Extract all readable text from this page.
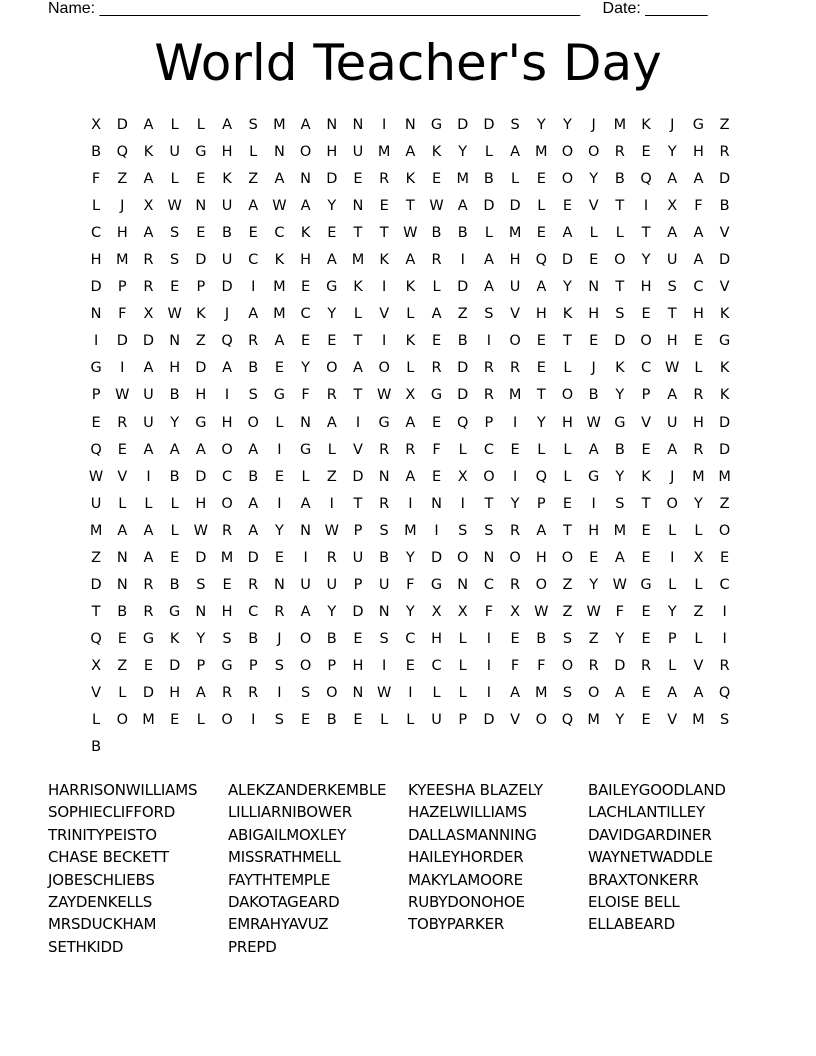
Name: ______________________________________________________ Date: _______
World Teacher's Day
X	D	A	L	L	A	S	M	A	N	N	I	N	G	D	D	S	Y	Y	J	M	K	J	G	Z
B	Q	K	U	G	H	L	N	O	H	U	M	A	K	Y	L	A	M O	O	R	E	Y	H	R
F	Z	A	L	E	K	Z	A	N	D	E	R	K	E	M	B	L	E	O	Y	B	Q	A	A	D
L	J	X W N	U	A W A	Y	N	E	T	W A	D	D	L	E	V	T	I	X	F	B
C	H	A	S	E	B	E	C	K	E	T	T	W B	B	L	M	E	A	L	L	T	A	A	V
H M	R	S	D	U	C	K	H	A	M	K	A	R	I	A	H	Q	D	E	O	Y	U	A	D
D	P	R	E	P	D	I	M	E	G	K	I	K	L	D	A	U	A	Y	N	T	H	S	C	V
N	F	X W K	J	A	M	C	Y	L	V	L	A	Z	S	V	H	K	H	S	E	T	H	K
I	D	D	N	Z	Q	R	A	E	E	T	I	K	E	B	I	O	E	T	E	D	O	H	E	G
G	I	A	H	D	A	B	E	Y	O	A	O	L	R	D	R	R	E	L	J	K	C W	L	K
P	W U	B	H	I	S	G	F	R	T	W X	G	D	R	M	T	O	B	Y	P	A	R	K
E	R	U	Y	G	H	O	L	N	A	I	G	A	E	Q	P	I	Y	H W G	V	U	H	D
Q	E	A	A	A	O	A	I	G	L	V	R	R	F	L	C	E	L	L	A	B	E	A	R	D
W V	I	B	D	C	B	E	L	Z	D	N	A	E	X	O	I	Q	L	G	Y	K	J	M M
U	L	L	L	H	O	A	I	A	I	T	R	I	N	I	T	Y	P	E	I	S	T	O	Y	Z
M	A	A	L	W R	A	Y	N W	P	S	M	I	S	S	R	A	T	H M	E	L	L	O
Z	N	A	E	D M D	E	I	R	U	B	Y	D	O	N	O	H	O	E	A	E	I	X	E
D	N	R	B	S	E	R	N	U	U	P	U	F	G	N	C	R	O	Z	Y	W G	L	L	C
T	B	R	G	N	H	C	R	A	Y	D	N	Y	X	X	F	X W Z W	F	E	Y	Z	I
Q	E	G	K	Y	S	B	J	O	B	E	S	C	H	L	I	E	B	S	Z	Y	E	P	L	I
X	Z	E	D	P	G	P	S	O	P	H	I	E	C	L	I	F	F	O	R	D	R	L	V	R
V	L	D	H	A	R	R	I	S	O	N W	I	L	L	I	A	M	S	O	A	E	A	A	Q
L	O M	E	L	O	I	S	E	B	E	L	L	U	P	D	V	O	Q M	Y	E	V	M	S
B
HARRISONWILLIAMS	ALEKZANDERKEMBLE	KYEESHA BLAZELY	BAILEYGOODLAND
SOPHIECLIFFORD	LILLIARNIBOWER	HAZELWILLIAMS	LACHLANTILLEY
TRINITYPEISTO	ABIGAILMOXLEY	DALLASMANNING	DAVIDGARDINER
CHASE BECKETT	MISSRATHMELL	HAILEYHORDER	WAYNETWADDLE
JOBESCHLIEBS	FAYTHTEMPLE	MAKYLAMOORE	BRAXTONKERR
ZAYDENKELLS	DAKOTAGEARD	RUBYDONOHOE	ELOISE BELL
MRSDUCKHAM	EMRAHYAVUZ	TOBYPARKER	ELLABEARD
SETHKIDD	PREPD
